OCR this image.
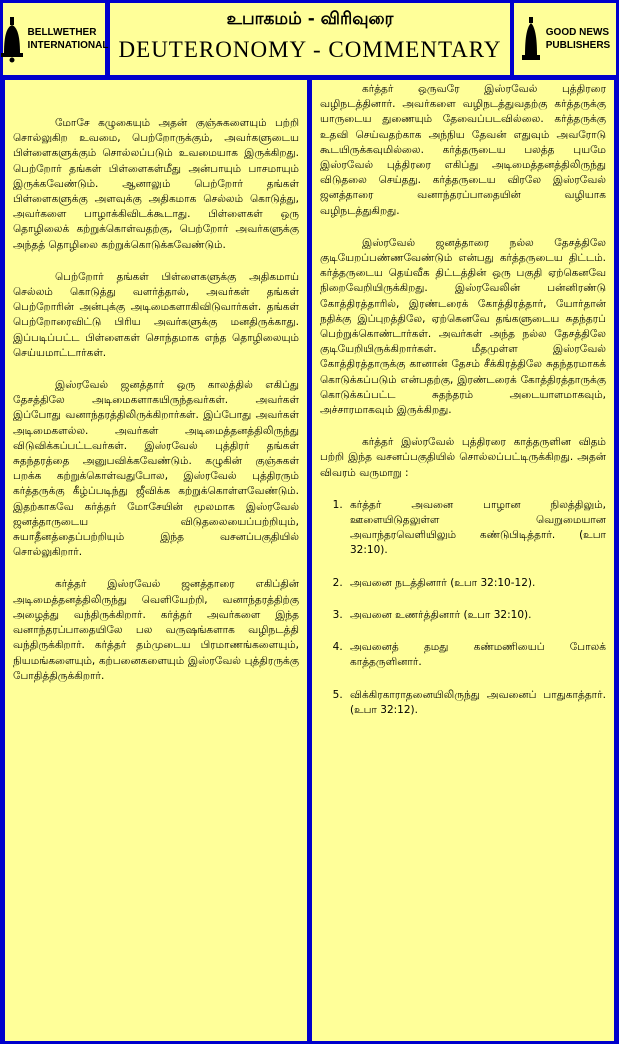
BELLWETHER
INTERNATIONAL
உபாகமம் - விரிவுரை
DEUTERONOMY - COMMENTARY
GOOD NEWS
PUBLISHERS

மோசே கழுகையும் அதன் குஞ்சுகளையும் பற்றி சொல்லுகிற உவமை, பெற்றோருக்கும், அவர்களுடைய பிள்ளைகளுக்கும் சொல்லப்படும் உவமையாக இருக்கிறது. பெற்றோர் தங்கள் பிள்ளைகள்மீது அன்பாயும் பாசமாயும் இருக்கவேண்டும். ஆனாலும் பெற்றோர் தங்கள் பிள்ளைகளுக்கு அளவுக்கு அதிகமாக செல்லம் கொடுத்து, அவர்களை பாழாக்கிவிடக்கூடாது. பிள்ளைகள் ஒரு தொழிலைக் கற்றுக்கொள்வதற்கு, பெற்றோர் அவர்களுக்கு அந்தத் தொழிலை கற்றுக்கொடுக்கவேண்டும்.

பெற்றோர் தங்கள் பிள்ளைகளுக்கு அதிகமாய் செல்லம் கொடுத்து வளர்த்தால், அவர்கள் தங்கள் பெற்றோரின் அன்புக்கு அடிமைகளாகிவிடுவார்கள். தங்கள் பெற்றோரைவிட்டு பிரிய அவர்களுக்கு மனதிருக்காது. இப்படிப்பட்ட பிள்ளைகள் சொந்தமாக எந்த தொழிலையும் செய்யமாட்டார்கள்.

இஸ்ரவேல் ஜனத்தார் ஒரு காலத்தில் எகிப்து தேசத்திலே அடிமைகளாகயிருந்தவர்கள். அவர்கள் இப்போது வனாந்தரத்திலிருக்கிறார்கள். இப்போது அவர்கள் அடிமைகளல்ல. அவர்கள் அடிமைத்தனத்திலிருந்து விடுவிக்கப்பட்டவர்கள். இஸ்ரவேல் புத்திரர் தங்கள் சுதந்தரத்தை அனுபவிக்கவேண்டும். கழுகின் குஞ்சுகள் பறக்க கற்றுக்கொள்வதுபோல, இஸ்ரவேல் புத்திரரும் கர்த்தருக்கு கீழ்ப்படிந்து ஜீவிக்க கற்றுக்கொள்ளவேண்டும். இதற்காகவே கர்த்தர் மோசேயின் மூலமாக இஸ்ரவேல் ஜனத்தாருடைய விடுதலையைப்பற்றியும், சுயாதீனத்தைப்பற்றியும் இந்த வசனப்பகுதியில் சொல்லுகிறார்.

கர்த்தர் இஸ்ரவேல் ஜனத்தாரை எகிப்தின் அடிமைத்தனத்திலிருந்து வெளியேற்றி, வனாந்தரத்திற்கு அழைத்து வந்திருக்கிறார். கர்த்தர் அவர்களை இந்த வனாந்தரப்பாதையிலே பல வருஷங்களாக வழிநடத்தி வந்திருக்கிறார். கர்த்தர் தம்முடைய பிரமாணங்களையும், நியமங்களையும், கற்பனைகளையும் இஸ்ரவேல் புத்திரருக்கு போதித்திருக்கிறார்.

கர்த்தர் ஒருவரே இஸ்ரவேல் புத்திரரை வழிநடத்தினார். அவர்களை வழிநடத்துவதற்கு கர்த்தருக்கு யாருடைய துணையும் தேவைப்படவில்லை. கர்த்தருக்கு உதவி செய்வதற்காக அந்நிய தேவன் எதுவும் அவரோடு கூடயிருக்கவுமில்லை. கர்த்தருடைய பலத்த புயமே இஸ்ரவேல் புத்திரரை எகிப்து அடிமைத்தனத்திலிருந்து விடுதலை செய்தது. கர்த்தருடைய விரலே இஸ்ரவேல் ஜனத்தாரை வனாந்தரப்பாதையின் வழியாக வழிநடத்துகிறது.

இஸ்ரவேல் ஜனத்தாரை நல்ல தேசத்திலே குடியேறப்பண்ணவேண்டும் என்பது கர்த்தருடைய திட்டம். கர்த்தருடைய தெய்வீக திட்டத்தின் ஒரு பகுதி ஏற்கெனவே நிறைவேறியிருக்கிறது. இஸ்ரவேலின் பன்னிரண்டு கோத்திரத்தாரில், இரண்டரைக் கோத்திரத்தார், யோர்தான் நதிக்கு இப்புறத்திலே, ஏற்கெனவே தங்களுடைய சுதந்தரப் பெற்றுக்கொண்டார்கள். அவர்கள் அந்த நல்ல தேசத்திலே குடியேறியிருக்கிறார்கள். மீதமுள்ள இஸ்ரவேல் கோத்திரத்தாருக்கு கானான் தேசம் சீக்கிரத்திலே சுதந்தரமாகக் கொடுக்கப்படும் என்பதற்கு, இரண்டரைக் கோத்திரத்தாருக்கு கொடுக்கப்பட்ட சுதந்தரம் அடையாளமாகவும், அச்சாரமாகவும் இருக்கிறது.

கர்த்தர் இஸ்ரவேல் புத்திரரை காத்தருளின விதம் பற்றி இந்த வசனப்பகுதியில் சொல்லப்பட்டிருக்கிறது. அதன் விவரம் வருமாறு :

1. கர்த்தர் அவனை பாழான நிலத்திலும், ஊளையிடுதலுள்ள வெறுமையான அவாந்தரவெளியிலும் கண்டுபிடித்தார். (உபா 32:10).
2. அவனை நடத்தினார் (உபா 32:10-12).
3. அவனை உணர்த்தினார் (உபா 32:10).
4. அவனைத் தமது கண்மணியைப் போலக் காத்தருளினார்.
5. விக்கிரகாராதனையிலிருந்து அவனைப் பாதுகாத்தார். (உபா 32:12).
